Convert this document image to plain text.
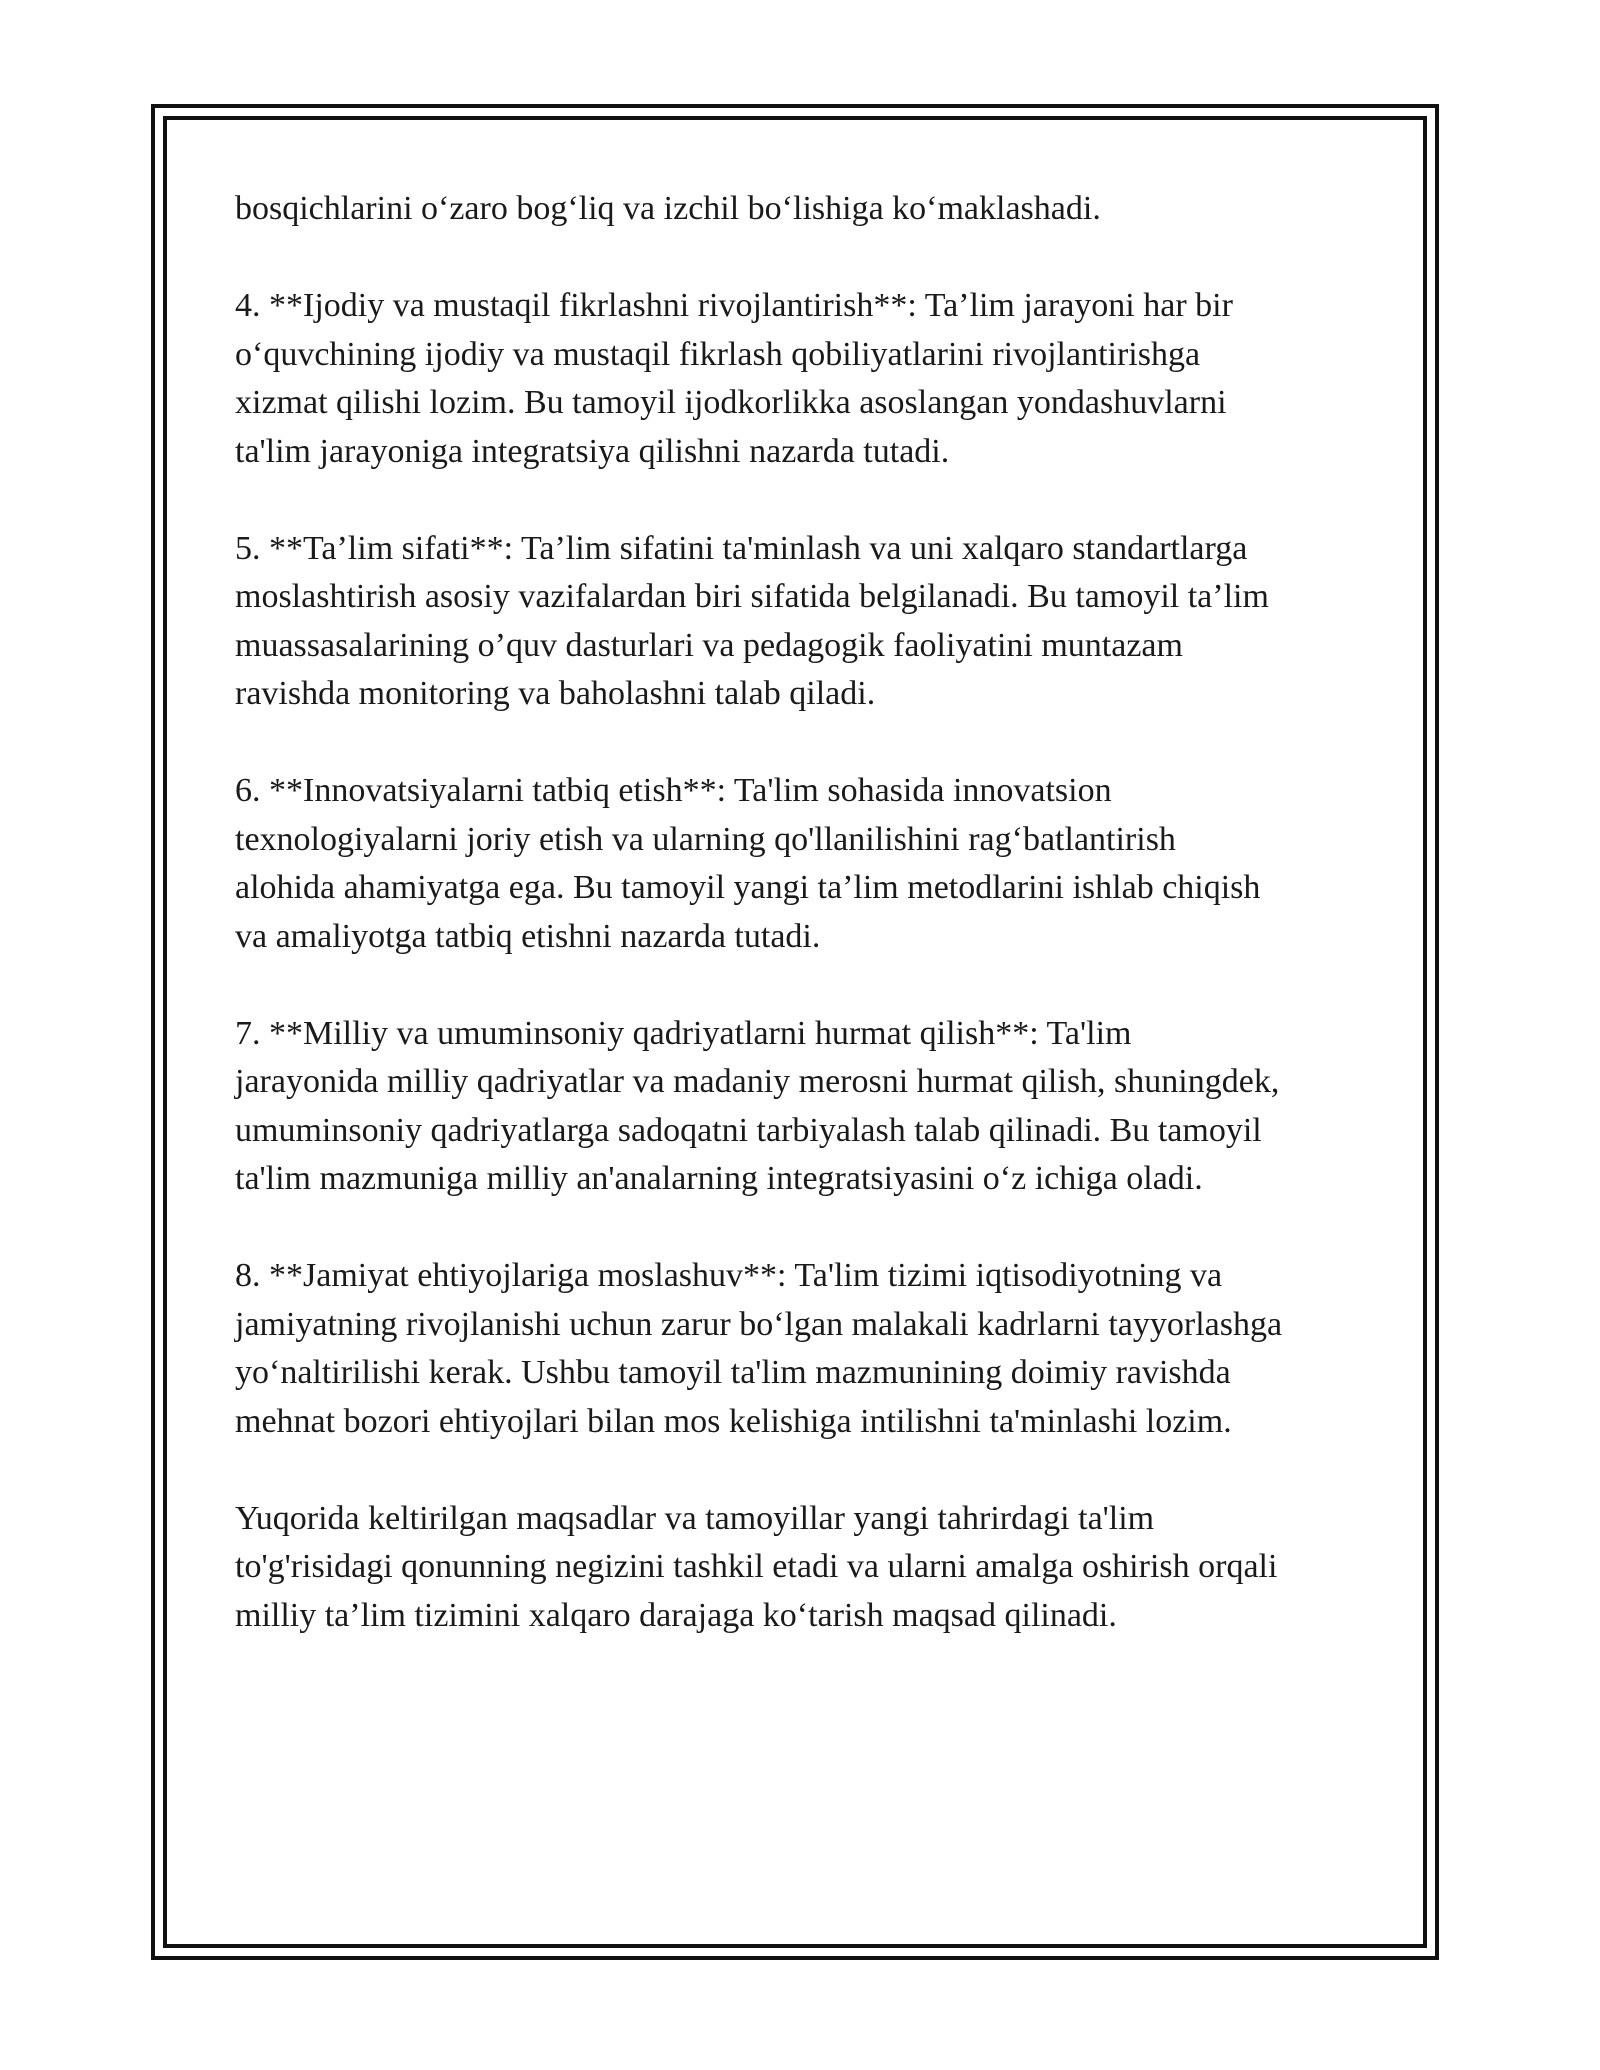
bosqichlarini o‘zaro bog‘liq va izchil bo‘lishiga ko‘maklashadi.

4. **Ijodiy va mustaqil fikrlashni rivojlantirish**: Ta’lim jarayoni har bir
o‘quvchining ijodiy va mustaqil fikrlash qobiliyatlarini rivojlantirishga
xizmat qilishi lozim. Bu tamoyil ijodkorlikka asoslangan yondashuvlarni
ta'lim jarayoniga integratsiya qilishni nazarda tutadi.

5. **Ta’lim sifati**: Ta’lim sifatini ta'minlash va uni xalqaro standartlarga
moslashtirish asosiy vazifalardan biri sifatida belgilanadi. Bu tamoyil ta’lim
muassasalarining o’quv dasturlari va pedagogik faoliyatini muntazam
ravishda monitoring va baholashni talab qiladi.

6. **Innovatsiyalarni tatbiq etish**: Ta'lim sohasida innovatsion
texnologiyalarni joriy etish va ularning qo'llanilishini rag‘batlantirish
alohida ahamiyatga ega. Bu tamoyil yangi ta’lim metodlarini ishlab chiqish
va amaliyotga tatbiq etishni nazarda tutadi.

7. **Milliy va umuminsoniy qadriyatlarni hurmat qilish**: Ta'lim
jarayonida milliy qadriyatlar va madaniy merosni hurmat qilish, shuningdek,
umuminsoniy qadriyatlarga sadoqatni tarbiyalash talab qilinadi. Bu tamoyil
ta'lim mazmuniga milliy an'analarning integratsiyasini o‘z ichiga oladi.

8. **Jamiyat ehtiyojlariga moslashuv**: Ta'lim tizimi iqtisodiyotning va
jamiyatning rivojlanishi uchun zarur bo‘lgan malakali kadrlarni tayyorlashga
yo‘naltirilishi kerak. Ushbu tamoyil ta'lim mazmunining doimiy ravishda
mehnat bozori ehtiyojlari bilan mos kelishiga intilishni ta'minlashi lozim.

Yuqorida keltirilgan maqsadlar va tamoyillar yangi tahrirdagi ta'lim
to'g'risidagi qonunning negizini tashkil etadi va ularni amalga oshirish orqali
milliy ta’lim tizimini xalqaro darajaga ko‘tarish maqsad qilinadi.
